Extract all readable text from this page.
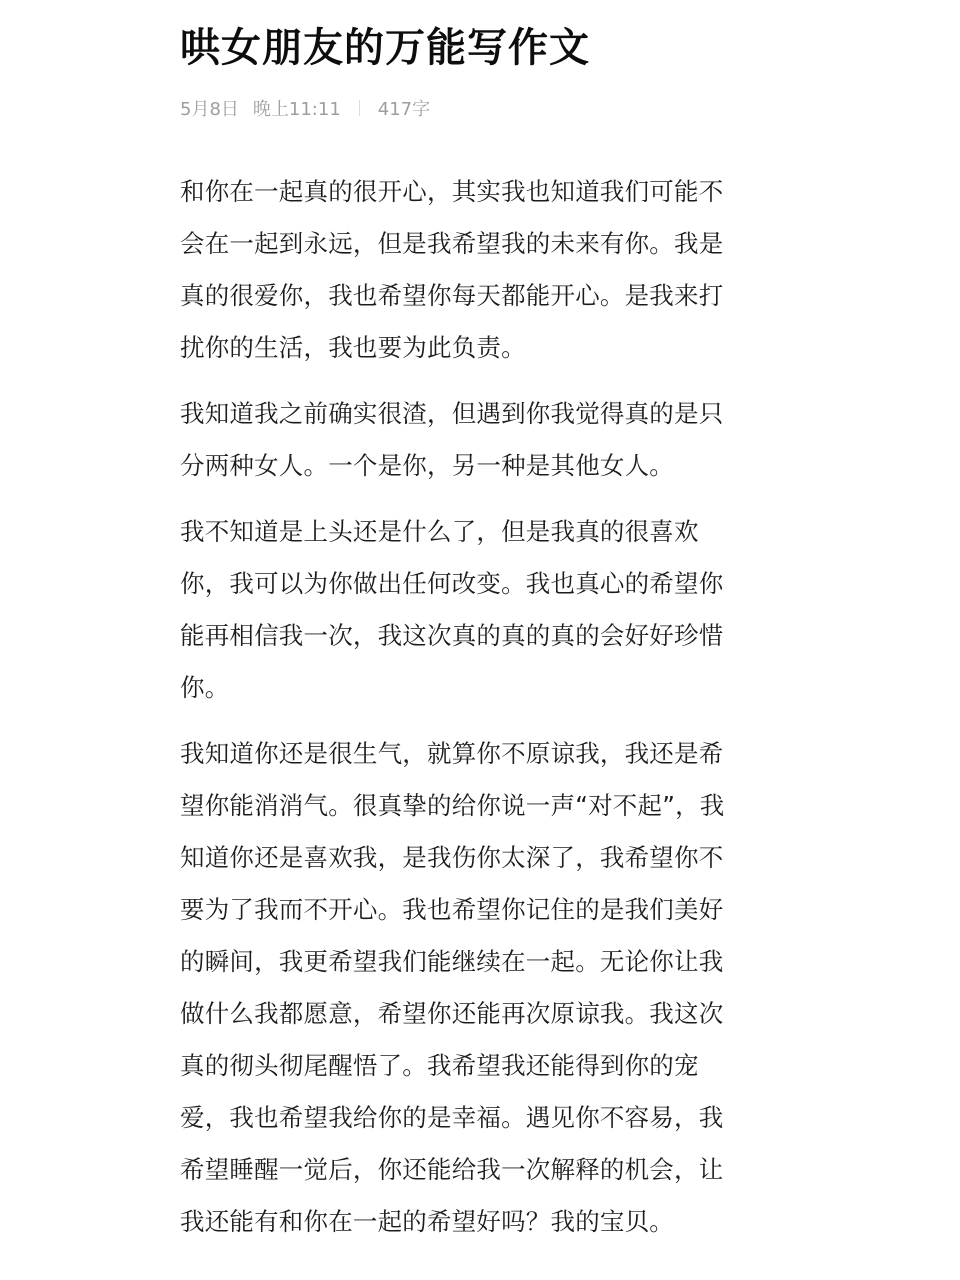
哄女朋友的万能写作文
5月8日 晚上11:11 417字

和你在一起真的很开心，其实我也知道我们可能不
会在一起到永远，但是我希望我的未来有你。我是
真的很爱你，我也希望你每天都能开心。是我来打
扰你的生活，我也要为此负责。

我知道我之前确实很渣，但遇到你我觉得真的是只
分两种女人。一个是你，另一种是其他女人。

我不知道是上头还是什么了，但是我真的很喜欢
你，我可以为你做出任何改变。我也真心的希望你
能再相信我一次，我这次真的真的真的会好好珍惜
你。

我知道你还是很生气，就算你不原谅我，我还是希
望你能消消气。很真挚的给你说一声“对不起”，我
知道你还是喜欢我，是我伤你太深了，我希望你不
要为了我而不开心。我也希望你记住的是我们美好
的瞬间，我更希望我们能继续在一起。无论你让我
做什么我都愿意，希望你还能再次原谅我。我这次
真的彻头彻尾醒悟了。我希望我还能得到你的宠
爱，我也希望我给你的是幸福。遇见你不容易，我
希望睡醒一觉后，你还能给我一次解释的机会，让
我还能有和你在一起的希望好吗？我的宝贝。
